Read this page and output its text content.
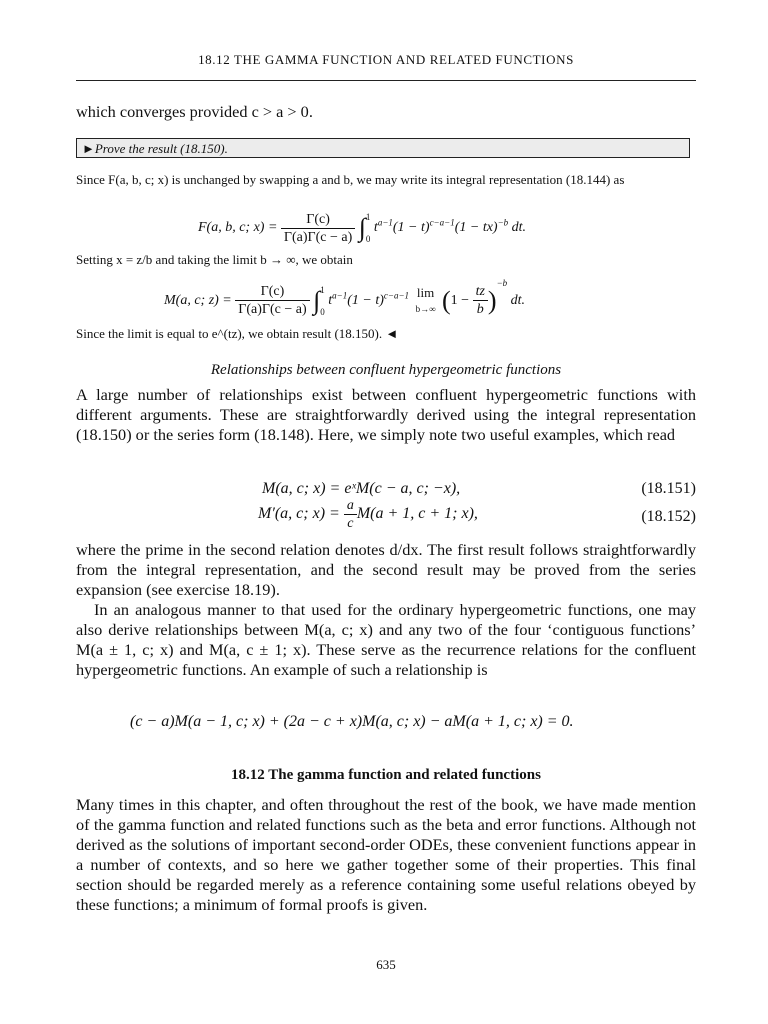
18.12 THE GAMMA FUNCTION AND RELATED FUNCTIONS
which converges provided c > a > 0.
►Prove the result (18.150).
Since F(a, b, c; x) is unchanged by swapping a and b, we may write its integral representation (18.144) as
F(a, b, c; $x) = \frac{\Gamma(c)}{\Gamma(a)\Gamma(c - a)}$ ∫ 1
0
$t^{a-1}(1 - t)^{c-a-1}(1 - tx)^{-b}$ dt.
Setting x = z/b and taking the limit b → ∞, we obtain
M(a, c; $z) = \frac{\Gamma(c)}{\Gamma(a)\Gamma(c - a)}$ ∫ 1
0
$t^{a-1}(1 - t)^{c-a-1}$ lim
b→∞ $(1 - \frac{tz}{b} )^{-b}$ dt.
Since the limit is equal to e^(tz), we obtain result (18.150). ◄
Relationships between confluent hypergeometric functions
A large number of relationships exist between confluent hypergeometric functions with different arguments. These are straightforwardly derived using the integral representation (18.150) or the series form (18.148). Here, we simply note two useful examples, which read
M(a, c; x) = eˣM(c − a, c; −x),	(18.151)
M′(a, c; $x) = \frac{a}{c} M(a + 1$, c + 1; x),	(18.152)
where the prime in the second relation denotes d/dx. The first result follows straightforwardly from the integral representation, and the second result may be proved from the series expansion (see exercise 18.19).
In an analogous manner to that used for the ordinary hypergeometric functions, one may also derive relationships between M(a, c; x) and any two of the four ‘contiguous functions’ M(a ± 1, c; x) and M(a, c ± 1; x). These serve as the recurrence relations for the confluent hypergeometric functions. An example of such a relationship is
(c − a)M(a − 1, c; x) + (2a − c + x)M(a, c; x) − aM(a + 1, c; x) = 0.
18.12 The gamma function and related functions
Many times in this chapter, and often throughout the rest of the book, we have made mention of the gamma function and related functions such as the beta and error functions. Although not derived as the solutions of important second-order ODEs, these convenient functions appear in a number of contexts, and so here we gather together some of their properties. This final section should be regarded merely as a reference containing some useful relations obeyed by these functions; a minimum of formal proofs is given.
635
